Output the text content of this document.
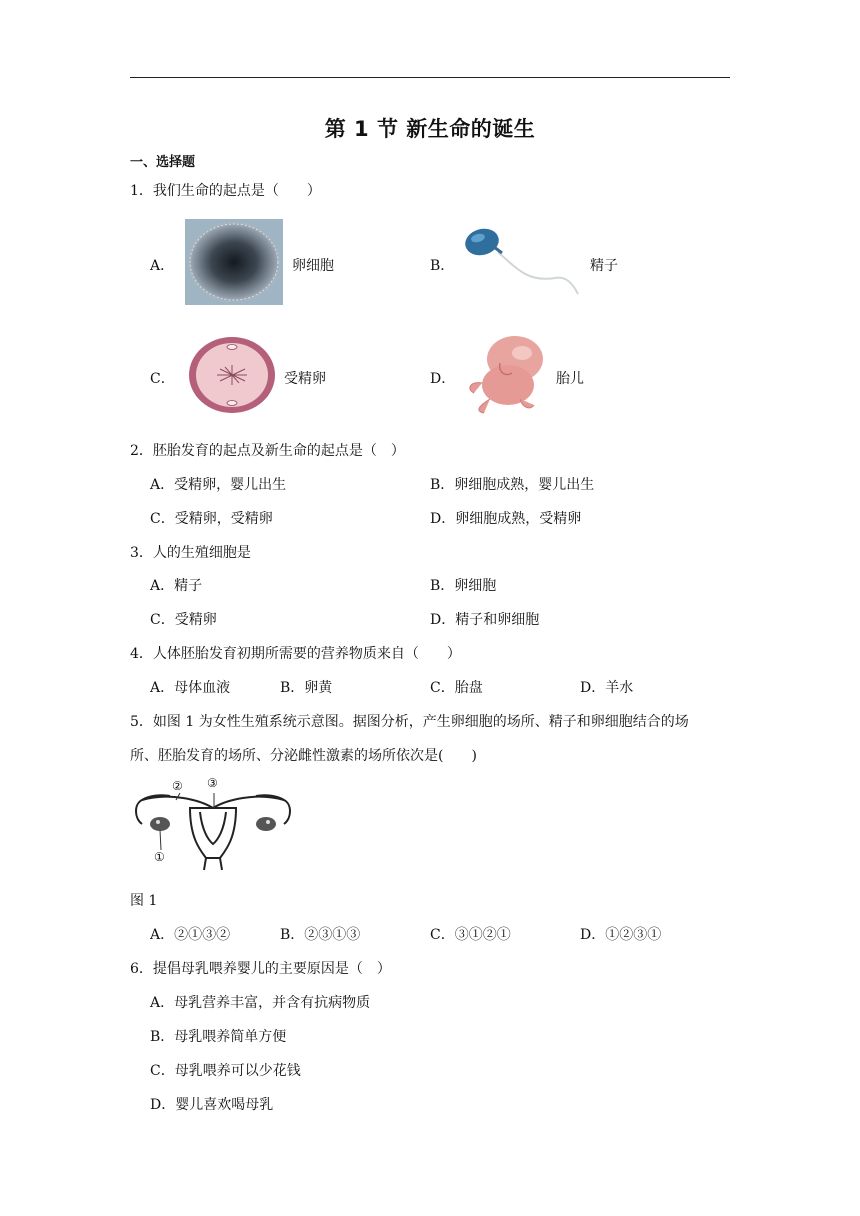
第 1 节 新生命的诞生
一、选择题
1．我们生命的起点是（　　）
A．	卵细胞	B．	精子
C．	受精卵	D．	胎儿
2．胚胎发育的起点及新生命的起点是（　）
A．受精卵，婴儿出生	B．卵细胞成熟，婴儿出生
C．受精卵，受精卵	D．卵细胞成熟，受精卵
3．人的生殖细胞是
A．精子	B．卵细胞
C．受精卵	D．精子和卵细胞
4．人体胚胎发育初期所需要的营养物质来自（　　）
A．母体血液	B．卵黄	C．胎盘	D．羊水
5．如图 1 为女性生殖系统示意图。据图分析，产生卵细胞的场所、精子和卵细胞结合的场
所、胚胎发育的场所、分泌雌性激素的场所依次是(　　)
② ③
①
图 1
A．②①③②	B．②③①③	C．③①②①	D．①②③①
6．提倡母乳喂养婴儿的主要原因是（　）
A．母乳营养丰富，并含有抗病物质
B．母乳喂养简单方便
C．母乳喂养可以少花钱
D．婴儿喜欢喝母乳
